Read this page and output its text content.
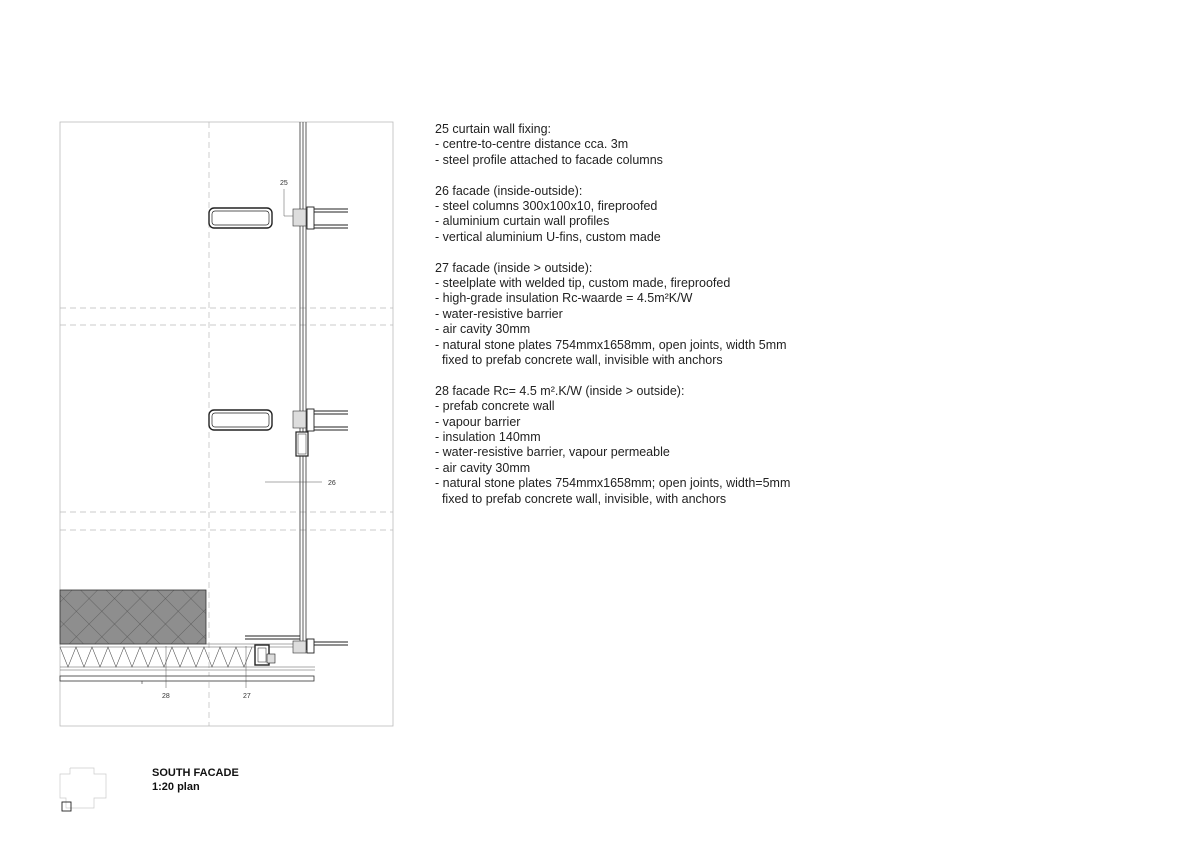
25
26
28	27
25 curtain wall fixing:
- centre-to-centre distance cca. 3m
- steel profile attached to facade columns
26 facade (inside-outside):
- steel columns 300x100x10, fireproofed
- aluminium curtain wall profiles
- vertical aluminium U-fins, custom made
27 facade (inside > outside):
- steelplate with welded tip, custom made, fireproofed
- high-grade insulation Rc-waarde = 4.5m²K/W
- water-resistive barrier
- air cavity 30mm
- natural stone plates 754mmx1658mm, open joints, width 5mm
fixed to prefab concrete wall, invisible with anchors
28 facade Rc= 4.5 m².K/W (inside > outside):
- prefab concrete wall
- vapour barrier
- insulation 140mm
- water-resistive barrier, vapour permeable
- air cavity 30mm
- natural stone plates 754mmx1658mm; open joints, width=5mm
fixed to prefab concrete wall, invisible, with anchors
SOUTH FACADE
1:20 plan
